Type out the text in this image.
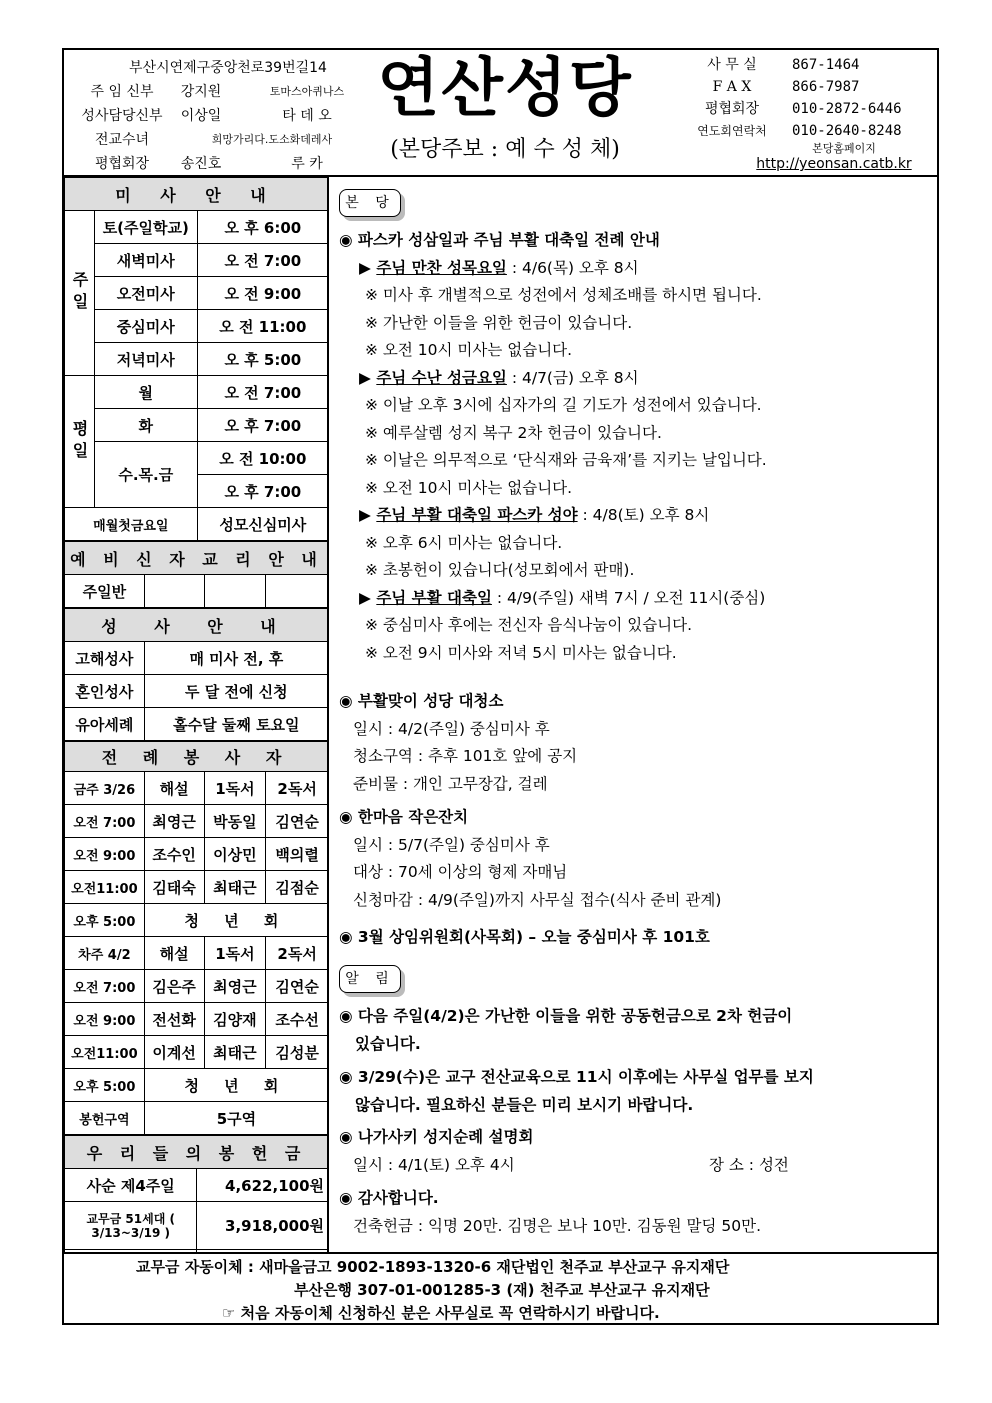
부산시연제구중앙천로39번길14
주 임 신부	강지원	토마스아퀴나스
성사담당신부	이상일	타 데 오
전교수녀	희망가리다.도소화데레사
평협회장	송진호	루 카
연산성당
(본당주보 : 예 수 성 체)
사 무 실	867-1464
F A X	866-7987
평협회장	010-2872-6446
연도회연락처	010-2640-8248
본당홈페이지
http://yeonsan.catb.kr
미 사 안 내		
주일	토(주일학교)	오 후 6:00
	새벽미사	오 전 7:00
	오전미사	오 전 9:00
	중심미사	오 전 11:00
	저녁미사	오 후 5:00
평일	월	오 전 7:00
	화	오 후 7:00
	수.목.금	오 전 10:00
		오 후 7:00
매월첫금요일		성모신심미사
예 비 신 자 교 리 안 내
주일반			
성 사 안 내	
고해성사	매 미사 전, 후
혼인성사	두 달 전에 신청
유아세례	홀수달 둘째 토요일
전 례 봉 사 자			
금주 3/26	해설	1독서	2독서
오전 7:00	최영근	박동일	김연순
오전 9:00	조수인	이상민	백의렬
오전11:00	김태숙	최태근	김점순
오후 5:00	청 년 회		
차주 4/2	해설	1독서	2독서
오전 7:00	김은주	최영근	김연순
오전 9:00	전선화	김양재	조수선
오전11:00	이계선	최태근	김성분
오후 5:00	청 년 회		
봉헌구역	5구역		
우 리 들 의 봉 헌 금	
사순 제4주일	4,622,100원
교무금 51세대 ( 3/13~3/19 )	3,918,000원

본 당
◉ 파스카 성삼일과 주님 부활 대축일 전례 안내
▶ 주님 만찬 성목요일 : 4/6(목) 오후 8시
※ 미사 후 개별적으로 성전에서 성체조배를 하시면 됩니다.
※ 가난한 이들을 위한 헌금이 있습니다.
※ 오전 10시 미사는 없습니다.
▶ 주님 수난 성금요일 : 4/7(금) 오후 8시
※ 이날 오후 3시에 십자가의 길 기도가 성전에서 있습니다.
※ 예루살렘 성지 복구 2차 헌금이 있습니다.
※ 이날은 의무적으로 ‘단식재와 금육재’를 지키는 날입니다.
※ 오전 10시 미사는 없습니다.
▶ 주님 부활 대축일 파스카 성야 : 4/8(토) 오후 8시
※ 오후 6시 미사는 없습니다.
※ 초봉헌이 있습니다(성모회에서 판매).
▶ 주님 부활 대축일 : 4/9(주일) 새벽 7시 / 오전 11시(중심)
※ 중심미사 후에는 전신자 음식나눔이 있습니다.
※ 오전 9시 미사와 저녁 5시 미사는 없습니다.
◉ 부활맞이 성당 대청소
일시 : 4/2(주일) 중심미사 후
청소구역 : 추후 101호 앞에 공지
준비물 : 개인 고무장갑, 걸레
◉ 한마음 작은잔치
일시 : 5/7(주일) 중심미사 후
대상 : 70세 이상의 형제 자매님
신청마감 : 4/9(주일)까지 사무실 접수(식사 준비 관계)
◉ 3월 상임위원회(사목회) – 오늘 중심미사 후 101호
알 림
◉ 다음 주일(4/2)은 가난한 이들을 위한 공동헌금으로 2차 헌금이
있습니다.
◉ 3/29(수)은 교구 전산교육으로 11시 이후에는 사무실 업무를 보지
않습니다. 필요하신 분들은 미리 보시기 바랍니다.
◉ 나가사키 성지순례 설명회
일시 : 4/1(토) 오후 4시	장 소 : 성전
◉ 감사합니다.
건축헌금 : 익명 20만. 김명은 보나 10만. 김동원 말딩 50만.
교무금 자동이체 : 새마을금고 9002-1893-1320-6 재단법인 천주교 부산교구 유지재단
부산은행 307-01-001285-3 (재) 천주교 부산교구 유지재단
☞ 처음 자동이체 신청하신 분은 사무실로 꼭 연락하시기 바랍니다.
